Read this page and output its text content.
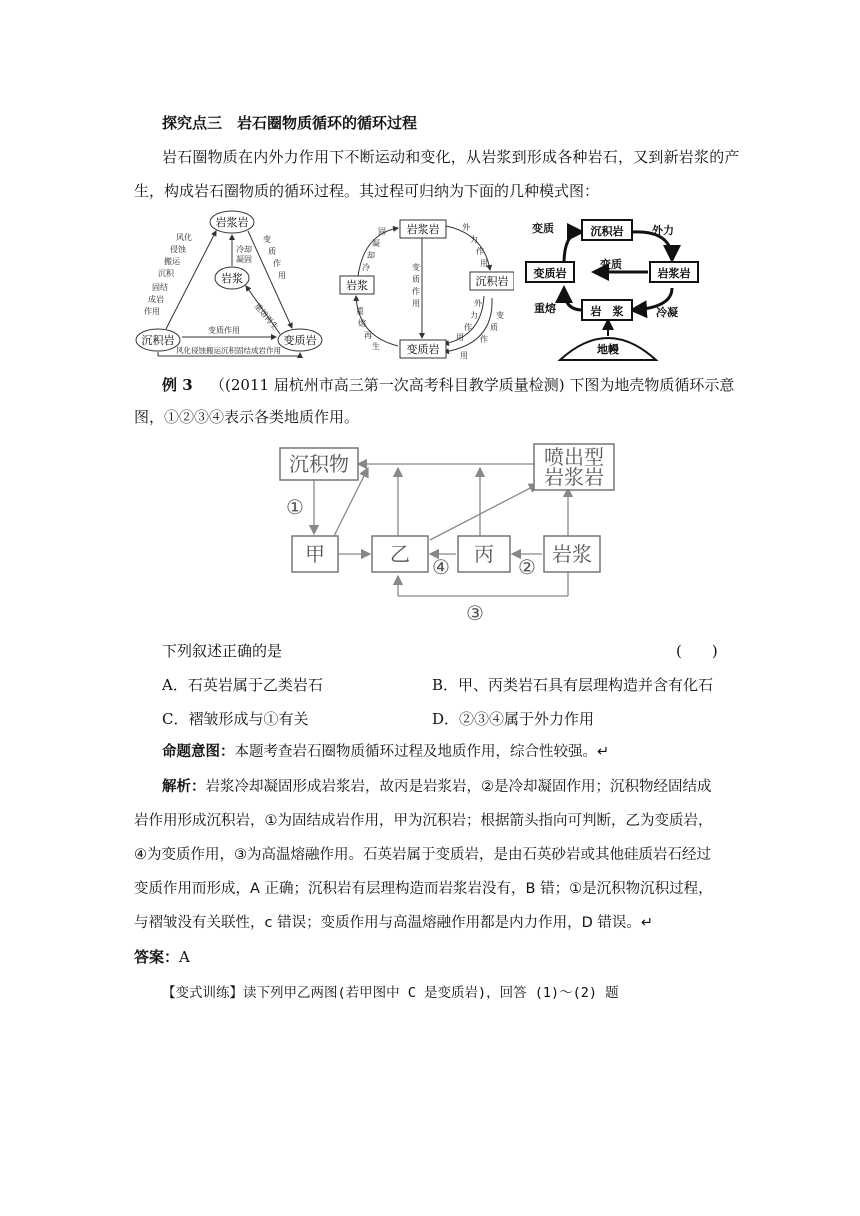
探究点三　岩石圈物质循环的循环过程
岩石圈物质在内外力作用下不断运动和变化，从岩浆到形成各种岩石，又到新岩浆的产
生，构成岩石圈物质的循环过程。其过程可归纳为下面的几种模式图：
岩浆岩
岩浆
沉积岩	变质岩
风化
侵蚀
搬运
沉积
固结
成岩
作用
冷却
凝固
变
质
作
用
重熔再生
变质作用
风化侵蚀搬运沉积固结成岩作用
岩浆岩
岩浆	沉积岩
变质岩
固
凝
却
冷
外
力
作
用
变
质
作
用
重
熔
再
生
外
力
作
用
变
质
作
用
沉积岩
变质岩	岩浆岩
岩　浆
地幔
变质	外力
变质
重熔	冷凝
例 3 （(2011 届杭州市高三第一次高考科目教学质量检测) 下图为地壳物质循环示意
图，①②③④表示各类地质作用。
沉积物	喷出型
岩浆岩
甲	乙	丙	岩浆
①
④	②
③
下列叙述正确的是	(　　)
A．石英岩属于乙类岩石	B．甲、丙类岩石具有层理构造并含有化石
C．褶皱形成与①有关	D．②③④属于外力作用
命题意图：本题考查岩石圈物质循环过程及地质作用，综合性较强。↵
解析：岩浆冷却凝固形成岩浆岩，故丙是岩浆岩，②是冷却凝固作用；沉积物经固结成
岩作用形成沉积岩，①为固结成岩作用，甲为沉积岩；根据箭头指向可判断，乙为变质岩，
④为变质作用，③为高温熔融作用。石英岩属于变质岩，是由石英砂岩或其他硅质岩石经过
变质作用而形成，A 正确；沉积岩有层理构造而岩浆岩没有，B 错；①是沉积物沉积过程，
与褶皱没有关联性，c 错误；变质作用与高温熔融作用都是内力作用，D 错误。↵
答案：A
【变式训练】读下列甲乙两图(若甲图中 C 是变质岩)，回答 (1)～(2) 题
